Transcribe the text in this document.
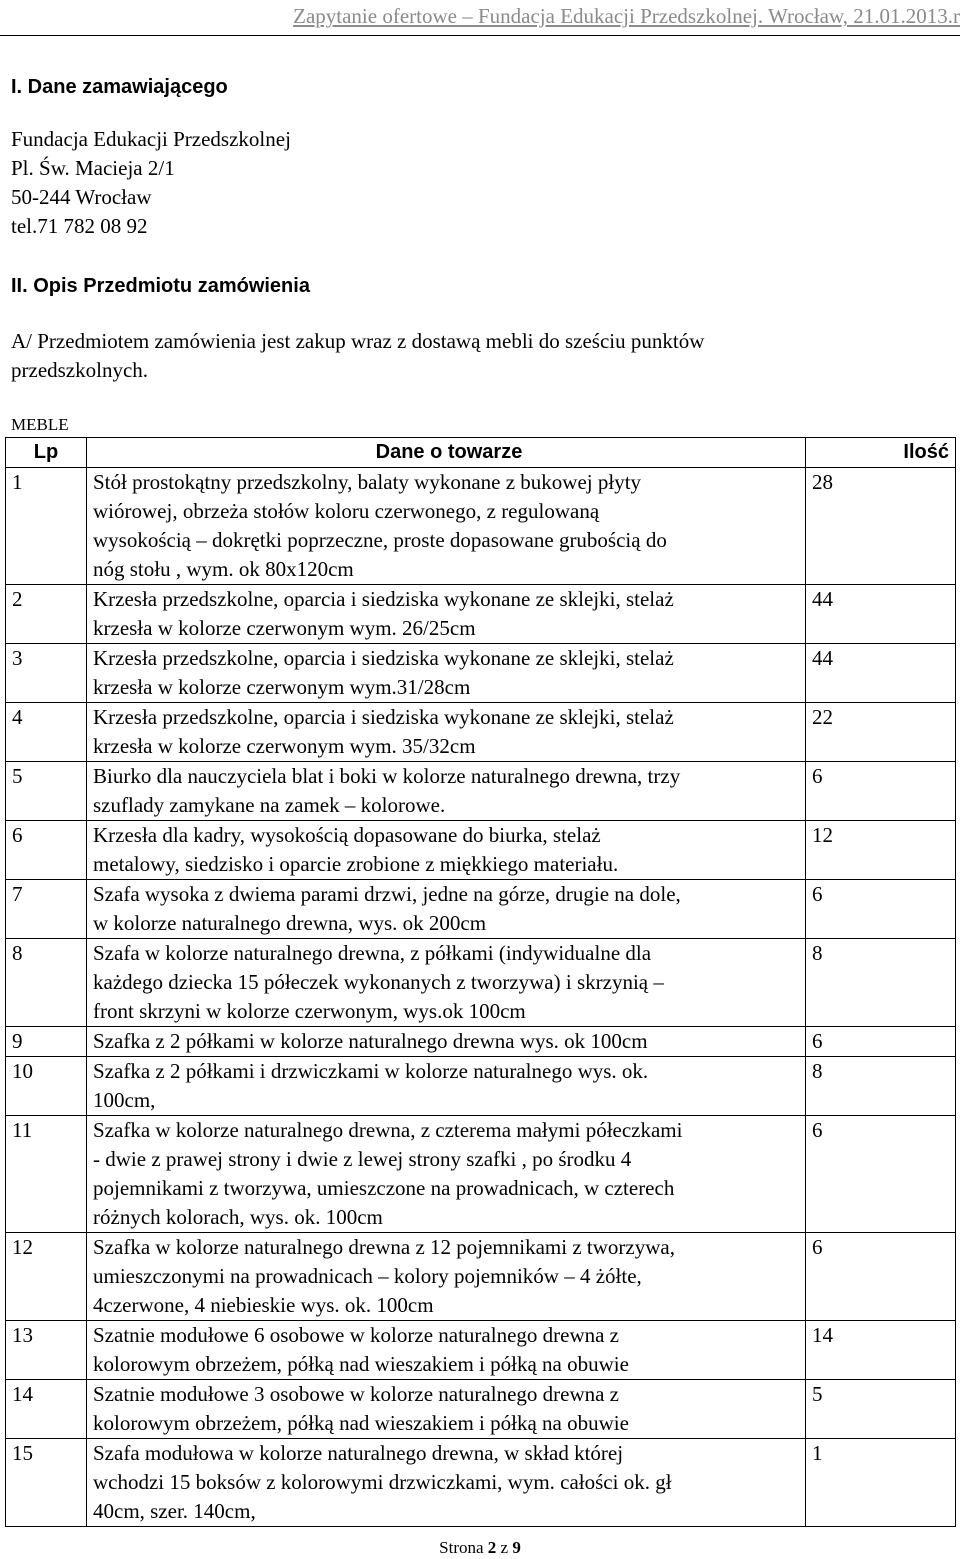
Zapytanie ofertowe – Fundacja Edukacji Przedszkolnej. Wrocław, 21.01.2013.r
I. Dane zamawiającego
Fundacja Edukacji Przedszkolnej
Pl. Św. Macieja 2/1
50-244 Wrocław
tel.71 782 08 92
II. Opis Przedmiotu zamówienia
A/ Przedmiotem zamówienia jest zakup wraz z dostawą mebli do sześciu punktów
przedszkolnych.
MEBLE
Lp	Dane o towarze	Ilość
1	Stół prostokątny przedszkolny, balaty wykonane z bukowej płyty
wiórowej, obrzeża stołów koloru czerwonego, z regulowaną
wysokością – dokrętki poprzeczne, proste dopasowane grubością do
nóg stołu , wym. ok 80x120cm	28
2	Krzesła przedszkolne, oparcia i siedziska wykonane ze sklejki, stelaż
krzesła w kolorze czerwonym wym. 26/25cm	44
3	Krzesła przedszkolne, oparcia i siedziska wykonane ze sklejki, stelaż
krzesła w kolorze czerwonym wym.31/28cm	44
4	Krzesła przedszkolne, oparcia i siedziska wykonane ze sklejki, stelaż
krzesła w kolorze czerwonym wym. 35/32cm	22
5	Biurko dla nauczyciela blat i boki w kolorze naturalnego drewna, trzy
szuflady zamykane na zamek – kolorowe.	6
6	Krzesła dla kadry, wysokością dopasowane do biurka, stelaż
metalowy, siedzisko i oparcie zrobione z miękkiego materiału.	12
7	Szafa wysoka z dwiema parami drzwi, jedne na górze, drugie na dole,
w kolorze naturalnego drewna, wys. ok 200cm	6
8	Szafa w kolorze naturalnego drewna, z półkami (indywidualne dla
każdego dziecka 15 półeczek wykonanych z tworzywa) i skrzynią –
front skrzyni w kolorze czerwonym, wys.ok 100cm	8
9	Szafka z 2 półkami w kolorze naturalnego drewna wys. ok 100cm	6
10	Szafka z 2 półkami i drzwiczkami w kolorze naturalnego wys. ok.
100cm,	8
11	Szafka w kolorze naturalnego drewna, z czterema małymi półeczkami
- dwie z prawej strony i dwie z lewej strony szafki , po środku 4
pojemnikami z tworzywa, umieszczone na prowadnicach, w czterech
różnych kolorach, wys. ok. 100cm	6
12	Szafka w kolorze naturalnego drewna z 12 pojemnikami z tworzywa,
umieszczonymi na prowadnicach – kolory pojemników – 4 żółte,
4czerwone, 4 niebieskie wys. ok. 100cm	6
13	Szatnie modułowe 6 osobowe w kolorze naturalnego drewna z
kolorowym obrzeżem, półką nad wieszakiem i półką na obuwie	14
14	Szatnie modułowe 3 osobowe w kolorze naturalnego drewna z
kolorowym obrzeżem, półką nad wieszakiem i półką na obuwie	5
15	Szafa modułowa w kolorze naturalnego drewna, w skład której
wchodzi 15 boksów z kolorowymi drzwiczkami, wym. całości ok. gł
40cm, szer. 140cm,	1
Strona 2 z 9
